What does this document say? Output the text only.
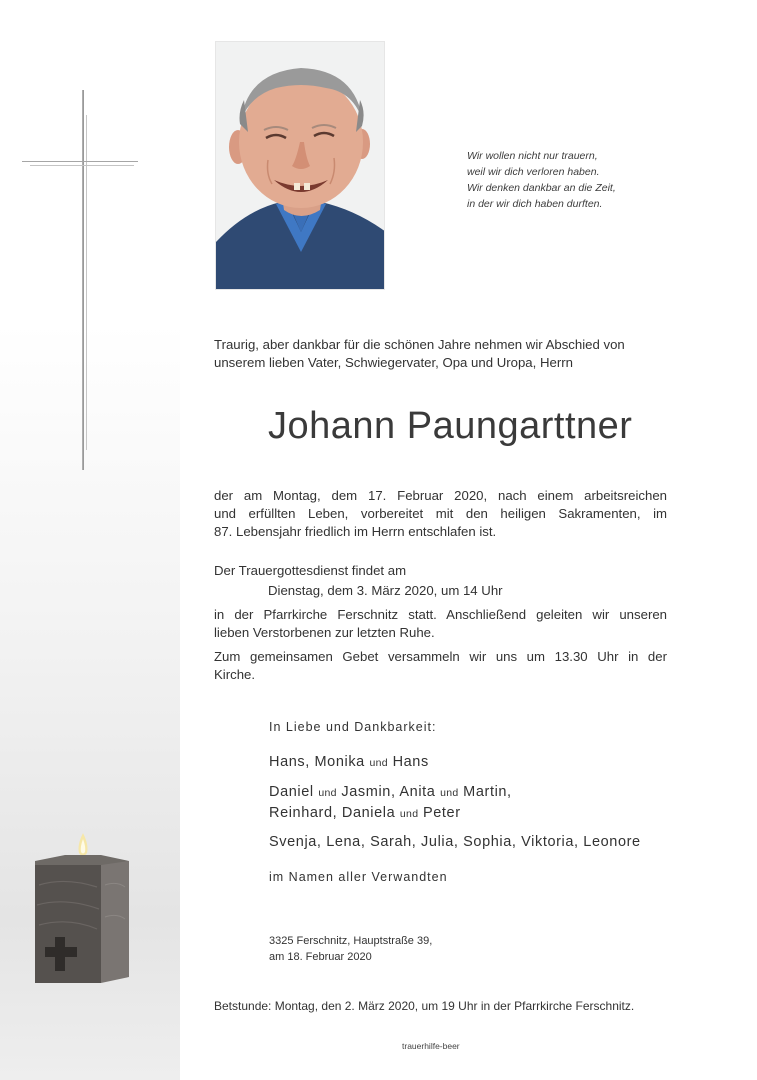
Wir wollen nicht nur trauern,
weil wir dich verloren haben.
Wir denken dankbar an die Zeit,
in der wir dich haben durften.
Traurig, aber dankbar für die schönen Jahre nehmen wir Abschied von
unserem lieben Vater, Schwiegervater, Opa und Uropa, Herrn
Johann Paungarttner
der am Montag, dem 17. Februar 2020, nach einem arbeitsreichen
und erfüllten Leben, vorbereitet mit den heiligen Sakramenten, im
87. Lebensjahr friedlich im Herrn entschlafen ist.
Der Trauergottesdienst findet am
Dienstag, dem 3. März 2020, um 14 Uhr
in der Pfarrkirche Ferschnitz statt. Anschließend geleiten wir unseren
lieben Verstorbenen zur letzten Ruhe.
Zum gemeinsamen Gebet versammeln wir uns um 13.30 Uhr in der
Kirche.
In Liebe und Dankbarkeit:
Hans, Monika und Hans
Daniel und Jasmin, Anita und Martin,
Reinhard, Daniela und Peter
Svenja, Lena, Sarah, Julia, Sophia, Viktoria, Leonore
im Namen aller Verwandten
3325 Ferschnitz, Hauptstraße 39,
am 18. Februar 2020
Betstunde: Montag, den 2. März 2020, um 19 Uhr in der Pfarrkirche Ferschnitz.
trauerhilfe-beer
